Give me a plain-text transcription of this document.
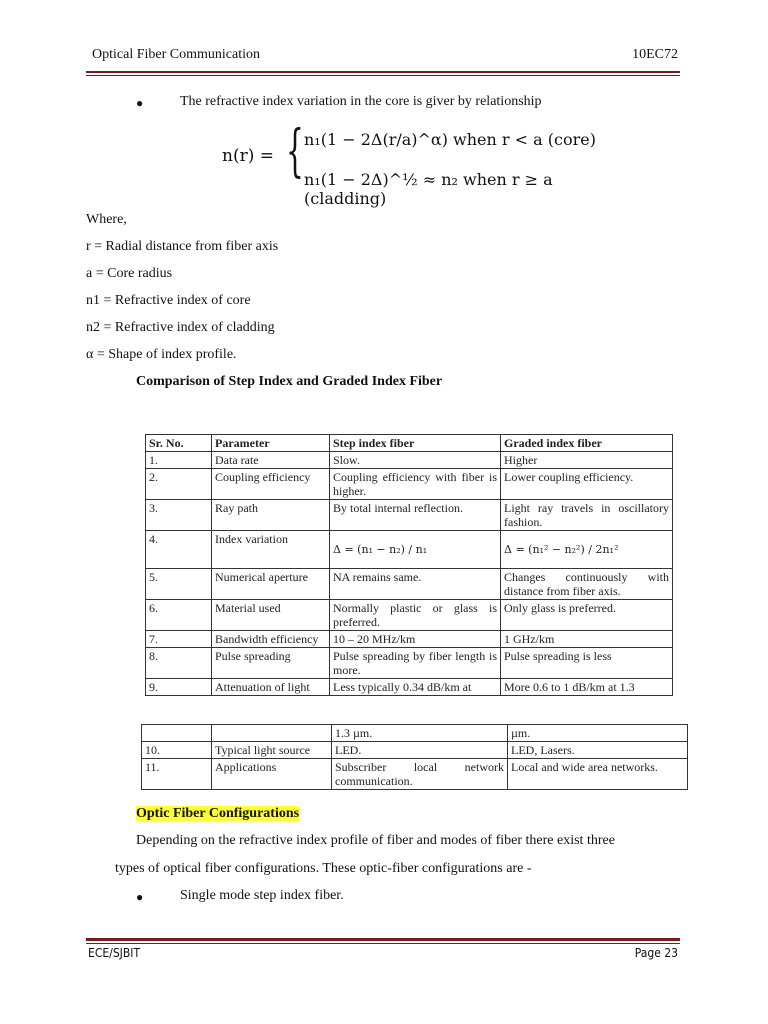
Optical Fiber Communication	10EC72
●	The refractive index variation in the core is giver by relationship
n(r) = { n₁(1 − 2Δ(r/a)^α) when r < a (core)
n₁(1 − 2Δ)^½ ≈ n₂ when r ≥ a (cladding)
Where,
r = Radial distance from fiber axis
a = Core radius
n1 = Refractive index of core
n2 = Refractive index of cladding
α = Shape of index profile.
Comparison of Step Index and Graded Index Fiber
Sr. No.	Parameter	Step index fiber	Graded index fiber
1.	Data rate	Slow.	Higher
2.	Coupling efficiency	Coupling efficiency with fiber is higher.	Lower coupling efficiency.
3.	Ray path	By total internal reflection.	Light ray travels in oscillatory fashion.
4.	Index variation	Δ = (n₁ − n₂) / n₁	Δ = (n₁² − n₂²) / 2n₁²
5.	Numerical aperture	NA remains same.	Changes continuously with distance from fiber axis.
6.	Material used	Normally plastic or glass is preferred.	Only glass is preferred.
7.	Bandwidth efficiency	10 – 20 MHz/km	1 GHz/km
8.	Pulse spreading	Pulse spreading by fiber length is more.	Pulse spreading is less
9.	Attenuation of light	Less typically 0.34 dB/km at	More 0.6 to 1 dB/km at 1.3
		1.3 µm.	µm.
10.	Typical light source	LED.	LED, Lasers.
11.	Applications	Subscriber local network communication.	Local and wide area networks.
Optic Fiber Configurations
Depending on the refractive index profile of fiber and modes of fiber there exist three
types of optical fiber configurations. These optic-fiber configurations are -
●	Single mode step index fiber.
ECE/SJBIT	Page 23
